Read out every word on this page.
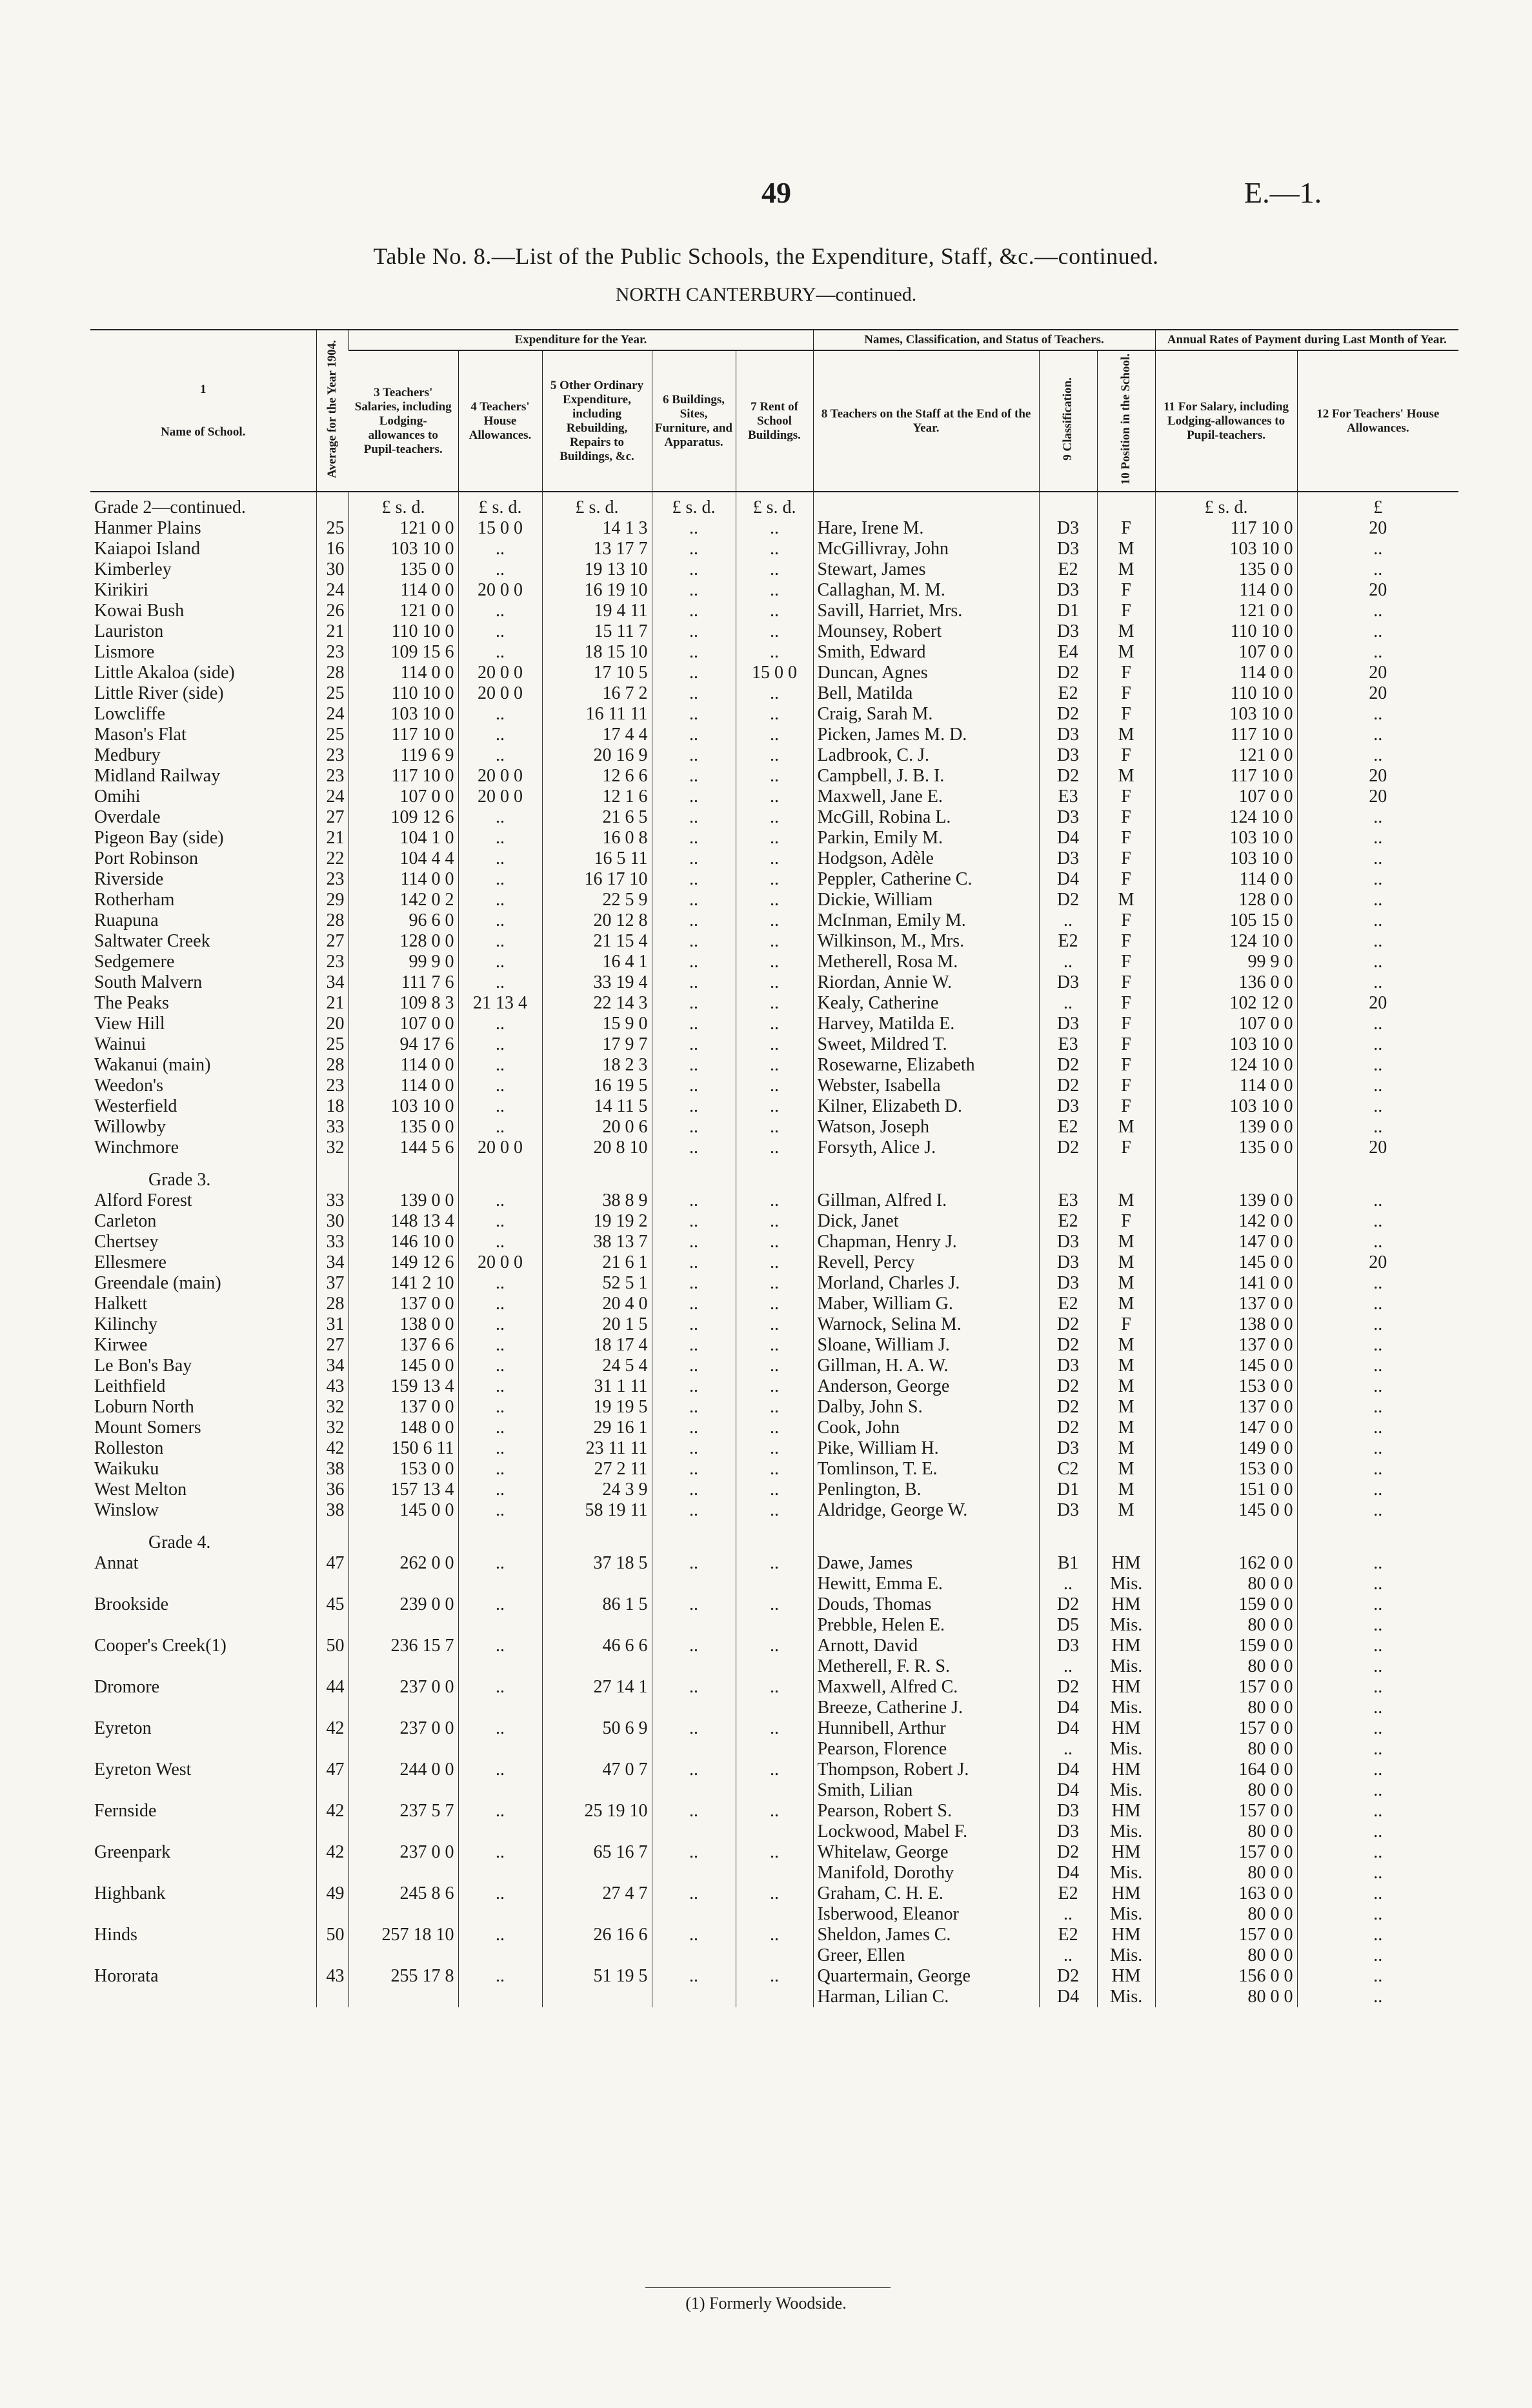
49	E.—1.
Table No. 8.—List of the Public Schools, the Expenditure, Staff, &c.—continued.
NORTH CANTERBURY—continued.
1

Name of School.	Average for the Year 1904.	Expenditure for the Year.					Names, Classification, and Status of Teachers.			Annual Rates of Payment during Last Month of Year.	
		3 Teachers' Salaries, including Lodging-allowances to Pupil-teachers.	4 Teachers' House Allowances.	5 Other Ordinary Expenditure, including Rebuilding, Repairs to Buildings, &c.	6 Buildings, Sites, Furniture, and Apparatus.	7 Rent of School Buildings.	8 Teachers on the Staff at the End of the Year.	9 Classification.	10 Position in the School.	11 For Salary, including Lodging-allowances to Pupil-teachers.	12 For Teachers' House Allowances.
Grade 2—continued.		£ s. d.	£ s. d.	£ s. d.	£ s. d.	£ s. d.				£ s. d.	£
Hanmer Plains	25	121 0 0	15 0 0	14 1 3	..	..	Hare, Irene M.	D3	F	117 10 0	20
Kaiapoi Island	16	103 10 0	..	13 17 7	..	..	McGillivray, John	D3	M	103 10 0	..
Kimberley	30	135 0 0	..	19 13 10	..	..	Stewart, James	E2	M	135 0 0	..
Kirikiri	24	114 0 0	20 0 0	16 19 10	..	..	Callaghan, M. M.	D3	F	114 0 0	20
Kowai Bush	26	121 0 0	..	19 4 11	..	..	Savill, Harriet, Mrs.	D1	F	121 0 0	..
Lauriston	21	110 10 0	..	15 11 7	..	..	Mounsey, Robert	D3	M	110 10 0	..
Lismore	23	109 15 6	..	18 15 10	..	..	Smith, Edward	E4	M	107 0 0	..
Little Akaloa (side)	28	114 0 0	20 0 0	17 10 5	..	15 0 0	Duncan, Agnes	D2	F	114 0 0	20
Little River (side)	25	110 10 0	20 0 0	16 7 2	..	..	Bell, Matilda	E2	F	110 10 0	20
Lowcliffe	24	103 10 0	..	16 11 11	..	..	Craig, Sarah M.	D2	F	103 10 0	..
Mason's Flat	25	117 10 0	..	17 4 4	..	..	Picken, James M. D.	D3	M	117 10 0	..
Medbury	23	119 6 9	..	20 16 9	..	..	Ladbrook, C. J.	D3	F	121 0 0	..
Midland Railway	23	117 10 0	20 0 0	12 6 6	..	..	Campbell, J. B. I.	D2	M	117 10 0	20
Omihi	24	107 0 0	20 0 0	12 1 6	..	..	Maxwell, Jane E.	E3	F	107 0 0	20
Overdale	27	109 12 6	..	21 6 5	..	..	McGill, Robina L.	D3	F	124 10 0	..
Pigeon Bay (side)	21	104 1 0	..	16 0 8	..	..	Parkin, Emily M.	D4	F	103 10 0	..
Port Robinson	22	104 4 4	..	16 5 11	..	..	Hodgson, Adèle	D3	F	103 10 0	..
Riverside	23	114 0 0	..	16 17 10	..	..	Peppler, Catherine C.	D4	F	114 0 0	..
Rotherham	29	142 0 2	..	22 5 9	..	..	Dickie, William	D2	M	128 0 0	..
Ruapuna	28	96 6 0	..	20 12 8	..	..	McInman, Emily M.	..	F	105 15 0	..
Saltwater Creek	27	128 0 0	..	21 15 4	..	..	Wilkinson, M., Mrs.	E2	F	124 10 0	..
Sedgemere	23	99 9 0	..	16 4 1	..	..	Metherell, Rosa M.	..	F	99 9 0	..
South Malvern	34	111 7 6	..	33 19 4	..	..	Riordan, Annie W.	D3	F	136 0 0	..
The Peaks	21	109 8 3	21 13 4	22 14 3	..	..	Kealy, Catherine	..	F	102 12 0	20
View Hill	20	107 0 0	..	15 9 0	..	..	Harvey, Matilda E.	D3	F	107 0 0	..
Wainui	25	94 17 6	..	17 9 7	..	..	Sweet, Mildred T.	E3	F	103 10 0	..
Wakanui (main)	28	114 0 0	..	18 2 3	..	..	Rosewarne, Elizabeth	D2	F	124 10 0	..
Weedon's	23	114 0 0	..	16 19 5	..	..	Webster, Isabella	D2	F	114 0 0	..
Westerfield	18	103 10 0	..	14 11 5	..	..	Kilner, Elizabeth D.	D3	F	103 10 0	..
Willowby	33	135 0 0	..	20 0 6	..	..	Watson, Joseph	E2	M	139 0 0	..
Winchmore	32	144 5 6	20 0 0	20 8 10	..	..	Forsyth, Alice J.	D2	F	135 0 0	20
Grade 3.											
Alford Forest	33	139 0 0	..	38 8 9	..	..	Gillman, Alfred I.	E3	M	139 0 0	..
Carleton	30	148 13 4	..	19 19 2	..	..	Dick, Janet	E2	F	142 0 0	..
Chertsey	33	146 10 0	..	38 13 7	..	..	Chapman, Henry J.	D3	M	147 0 0	..
Ellesmere	34	149 12 6	20 0 0	21 6 1	..	..	Revell, Percy	D3	M	145 0 0	20
Greendale (main)	37	141 2 10	..	52 5 1	..	..	Morland, Charles J.	D3	M	141 0 0	..
Halkett	28	137 0 0	..	20 4 0	..	..	Maber, William G.	E2	M	137 0 0	..
Kilinchy	31	138 0 0	..	20 1 5	..	..	Warnock, Selina M.	D2	F	138 0 0	..
Kirwee	27	137 6 6	..	18 17 4	..	..	Sloane, William J.	D2	M	137 0 0	..
Le Bon's Bay	34	145 0 0	..	24 5 4	..	..	Gillman, H. A. W.	D3	M	145 0 0	..
Leithfield	43	159 13 4	..	31 1 11	..	..	Anderson, George	D2	M	153 0 0	..
Loburn North	32	137 0 0	..	19 19 5	..	..	Dalby, John S.	D2	M	137 0 0	..
Mount Somers	32	148 0 0	..	29 16 1	..	..	Cook, John	D2	M	147 0 0	..
Rolleston	42	150 6 11	..	23 11 11	..	..	Pike, William H.	D3	M	149 0 0	..
Waikuku	38	153 0 0	..	27 2 11	..	..	Tomlinson, T. E.	C2	M	153 0 0	..
West Melton	36	157 13 4	..	24 3 9	..	..	Penlington, B.	D1	M	151 0 0	..
Winslow	38	145 0 0	..	58 19 11	..	..	Aldridge, George W.	D3	M	145 0 0	..
Grade 4.											
Annat	47	262 0 0	..	37 18 5	..	..	Dawe, James	B1	HM	162 0 0	..
							Hewitt, Emma E.	..	Mis.	80 0 0	..
Brookside	45	239 0 0	..	86 1 5	..	..	Douds, Thomas	D2	HM	159 0 0	..
							Prebble, Helen E.	D5	Mis.	80 0 0	..
Cooper's Creek(1)	50	236 15 7	..	46 6 6	..	..	Arnott, David	D3	HM	159 0 0	..
							Metherell, F. R. S.	..	Mis.	80 0 0	..
Dromore	44	237 0 0	..	27 14 1	..	..	Maxwell, Alfred C.	D2	HM	157 0 0	..
							Breeze, Catherine J.	D4	Mis.	80 0 0	..
Eyreton	42	237 0 0	..	50 6 9	..	..	Hunnibell, Arthur	D4	HM	157 0 0	..
							Pearson, Florence	..	Mis.	80 0 0	..
Eyreton West	47	244 0 0	..	47 0 7	..	..	Thompson, Robert J.	D4	HM	164 0 0	..
							Smith, Lilian	D4	Mis.	80 0 0	..
Fernside	42	237 5 7	..	25 19 10	..	..	Pearson, Robert S.	D3	HM	157 0 0	..
							Lockwood, Mabel F.	D3	Mis.	80 0 0	..
Greenpark	42	237 0 0	..	65 16 7	..	..	Whitelaw, George	D2	HM	157 0 0	..
							Manifold, Dorothy	D4	Mis.	80 0 0	..
Highbank	49	245 8 6	..	27 4 7	..	..	Graham, C. H. E.	E2	HM	163 0 0	..
							Isberwood, Eleanor	..	Mis.	80 0 0	..
Hinds	50	257 18 10	..	26 16 6	..	..	Sheldon, James C.	E2	HM	157 0 0	..
							Greer, Ellen	..	Mis.	80 0 0	..
Hororata	43	255 17 8	..	51 19 5	..	..	Quartermain, George	D2	HM	156 0 0	..
							Harman, Lilian C.	D4	Mis.	80 0 0	..
(1) Formerly Woodside.
